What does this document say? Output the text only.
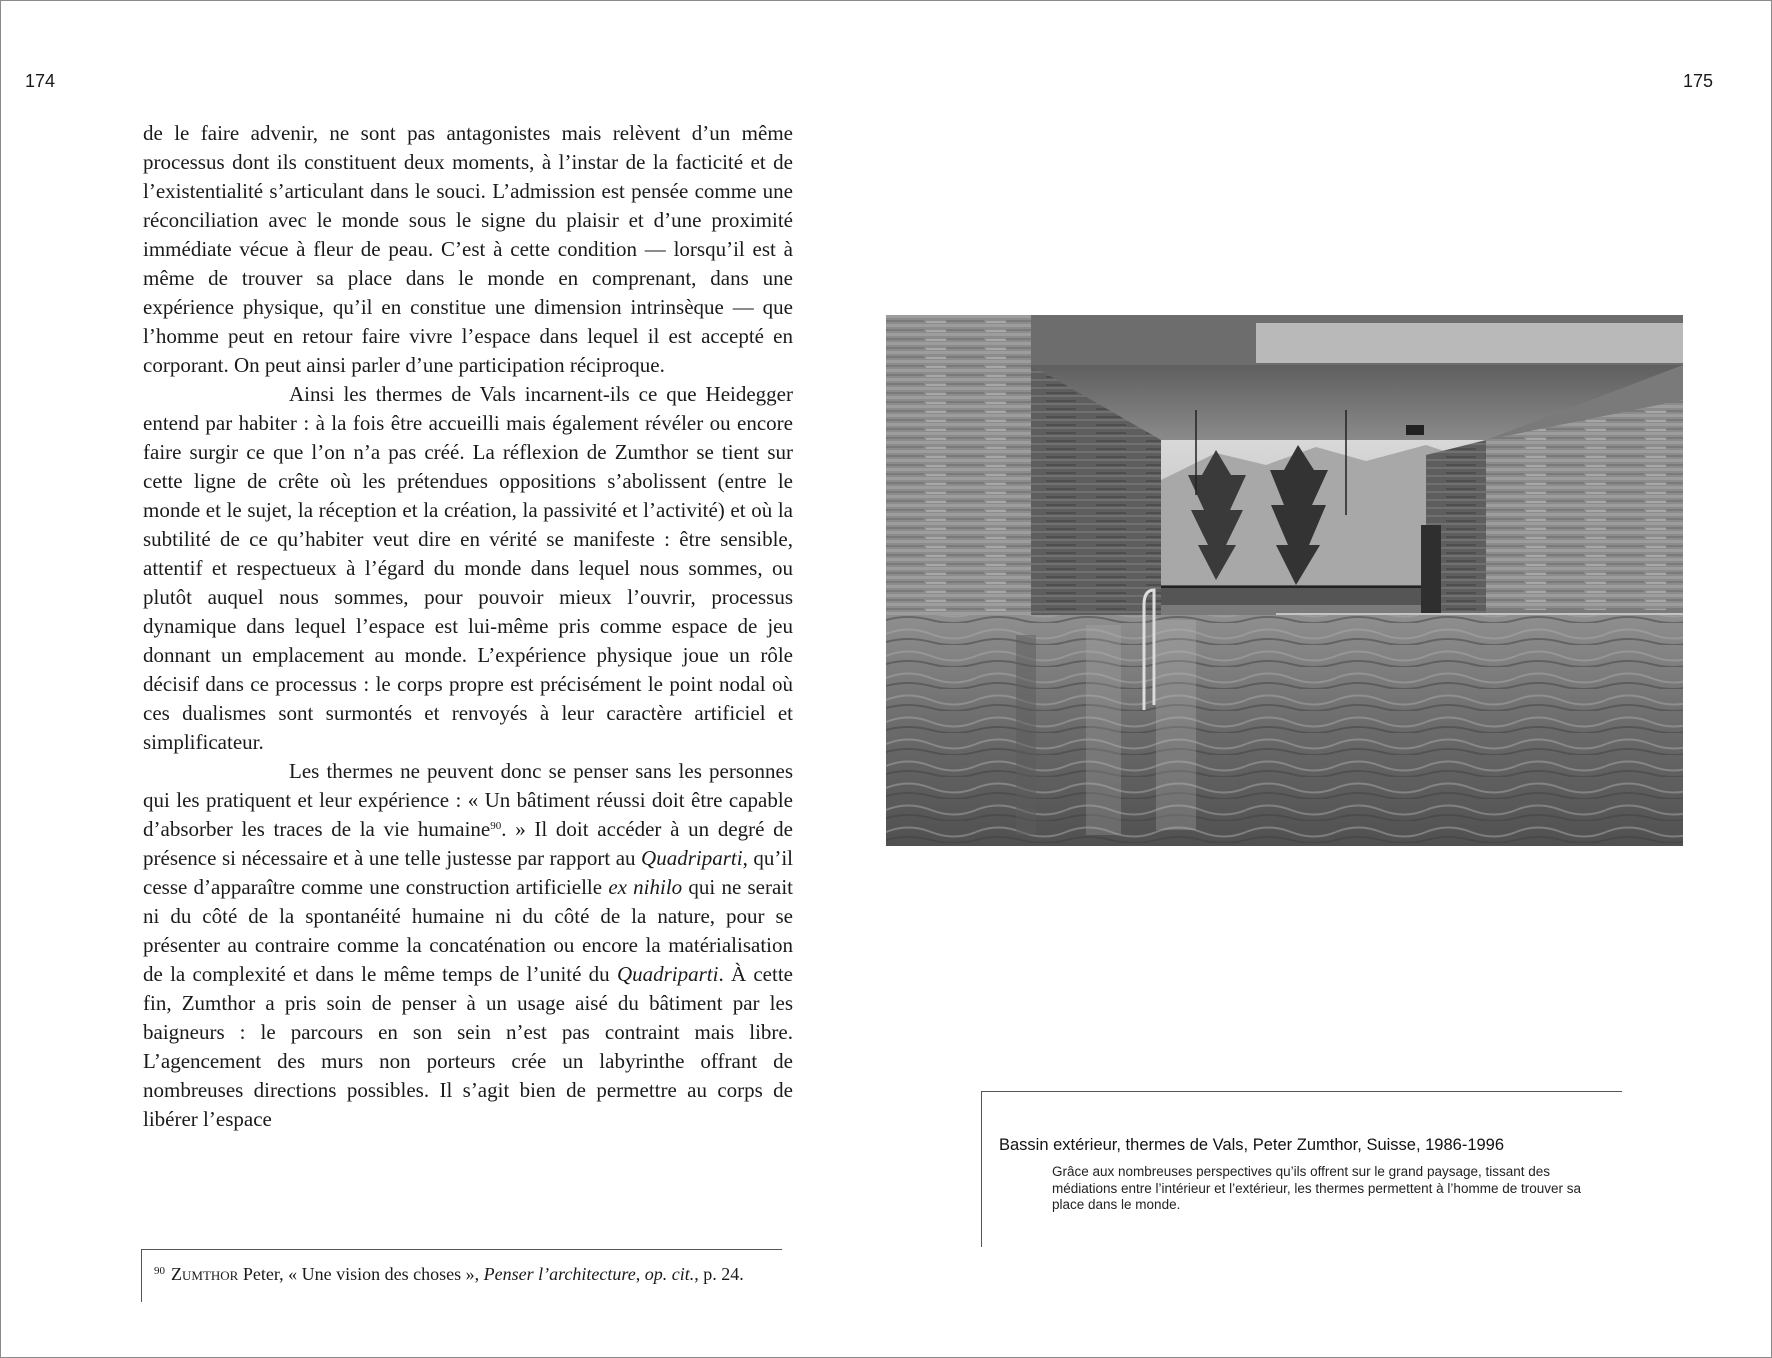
174	175

de le faire advenir, ne sont pas antagonistes mais relèvent d’un même processus dont ils constituent deux moments, à l’instar de la facticité et de l’existentialité s’articulant dans le souci. L’admission est pensée comme une réconciliation avec le monde sous le signe du plaisir et d’une proximité immédiate vécue à fleur de peau. C’est à cette condition — lorsqu’il est à même de trouver sa place dans le monde en comprenant, dans une expérience physique, qu’il en constitue une dimension intrinsèque — que l’homme peut en retour faire vivre l’espace dans lequel il est accepté en corporant. On peut ainsi parler d’une participation réciproque.

Ainsi les thermes de Vals incarnent-ils ce que Heidegger entend par habiter : à la fois être accueilli mais également révéler ou encore faire surgir ce que l’on n’a pas créé. La réflexion de Zumthor se tient sur cette ligne de crête où les prétendues oppositions s’abolissent (entre le monde et le sujet, la réception et la création, la passivité et l’activité) et où la subtilité de ce qu’habiter veut dire en vérité se manifeste : être sensible, attentif et respectueux à l’égard du monde dans lequel nous sommes, ou plutôt auquel nous sommes, pour pouvoir mieux l’ouvrir, processus dynamique dans lequel l’espace est lui-même pris comme espace de jeu donnant un emplacement au monde. L’expérience physique joue un rôle décisif dans ce processus : le corps propre est précisément le point nodal où ces dualismes sont surmontés et renvoyés à leur caractère artificiel et simplificateur.

Les thermes ne peuvent donc se penser sans les personnes qui les pratiquent et leur expérience : « Un bâtiment réussi doit être capable d’absorber les traces de la vie humaine$^{90}$. » Il doit accéder à un degré de présence si nécessaire et à une telle justesse par rapport au Quadriparti, qu’il cesse d’apparaître comme une construction artificielle ex nihilo qui ne serait ni du côté de la spontanéité humaine ni du côté de la nature, pour se présenter au contraire comme la concaténation ou encore la matérialisation de la complexité et dans le même temps de l’unité du Quadriparti. À cette fin, Zumthor a pris soin de penser à un usage aisé du bâtiment par les baigneurs : le parcours en son sein n’est pas contraint mais libre. L’agencement des murs non porteurs crée un labyrinthe offrant de nombreuses directions possibles. Il s’agit bien de permettre au corps de libérer l’espace

$^{90}$ Zumthor Peter, « Une vision des choses », Penser l’architecture, op. cit., p. 24.
Bassin extérieur, thermes de Vals, Peter Zumthor, Suisse, 1986-1996
Grâce aux nombreuses perspectives qu’ils offrent sur le grand paysage, tissant des médiations entre l’intérieur et l’extérieur, les thermes permettent à l’homme de trouver sa place dans le monde.
